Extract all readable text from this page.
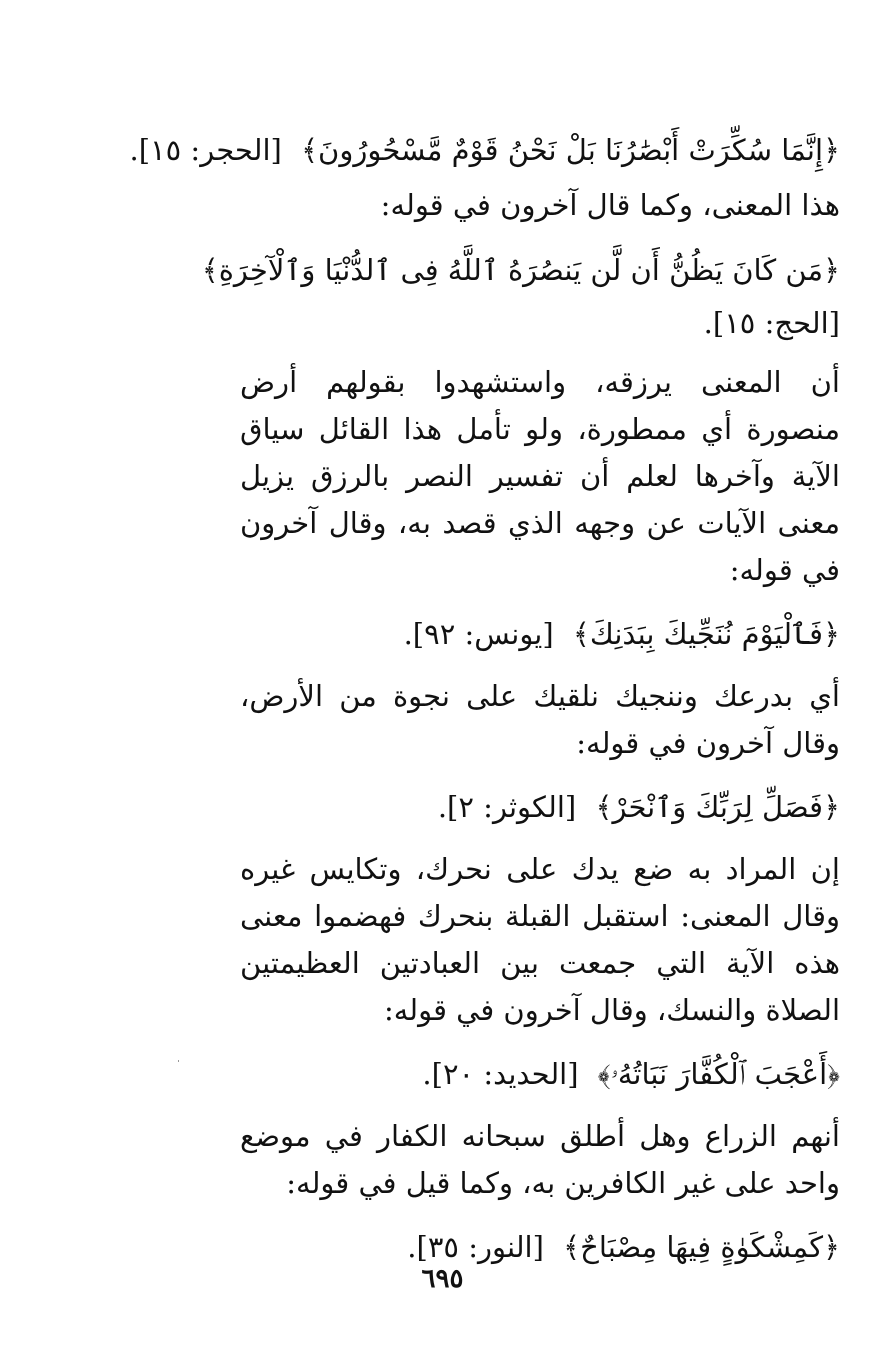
﴿إِنَّمَا سُكِّرَتْ أَبْصَٰرُنَا بَلْ نَحْنُ قَوْمٌ مَّسْحُورُونَ﴾ [الحجر: ١٥].
هذا المعنى، وكما قال آخرون في قوله:
﴿مَن كَانَ يَظُنُّ أَن لَّن يَنصُرَهُ ٱللَّهُ فِى ٱلدُّنْيَا وَٱلْآخِرَةِ﴾
[الحج: ١٥].
أن المعنى يرزقه، واستشهدوا بقولهم أرض منصورة أي ممطورة، ولو تأمل هذا القائل سياق الآية وآخرها لعلم أن تفسير النصر بالرزق يزيل معنى الآيات عن وجهه الذي قصد به، وقال آخرون في قوله:
﴿فَٱلْيَوْمَ نُنَجِّيكَ بِبَدَنِكَ﴾ [يونس: ٩٢].
أي بدرعك وننجيك نلقيك على نجوة من الأرض، وقال آخرون في قوله:
﴿فَصَلِّ لِرَبِّكَ وَٱنْحَرْ﴾ [الكوثر: ٢].
إن المراد به ضع يدك على نحرك، وتكايس غيره وقال المعنى: استقبل القبلة بنحرك فهضموا معنى هذه الآية التي جمعت بين العبادتين العظيمتين الصلاة والنسك، وقال آخرون في قوله:
﴿أَعْجَبَ ٱلْكُفَّارَ نَبَاتُهُۥ﴾ [الحديد: ٢٠].
أنهم الزراع وهل أطلق سبحانه الكفار في موضع واحد على غير الكافرين به، وكما قيل في قوله:
﴿كَمِشْكَوٰةٍ فِيهَا مِصْبَاحٌ﴾ [النور: ٣٥].
٦٩٥
